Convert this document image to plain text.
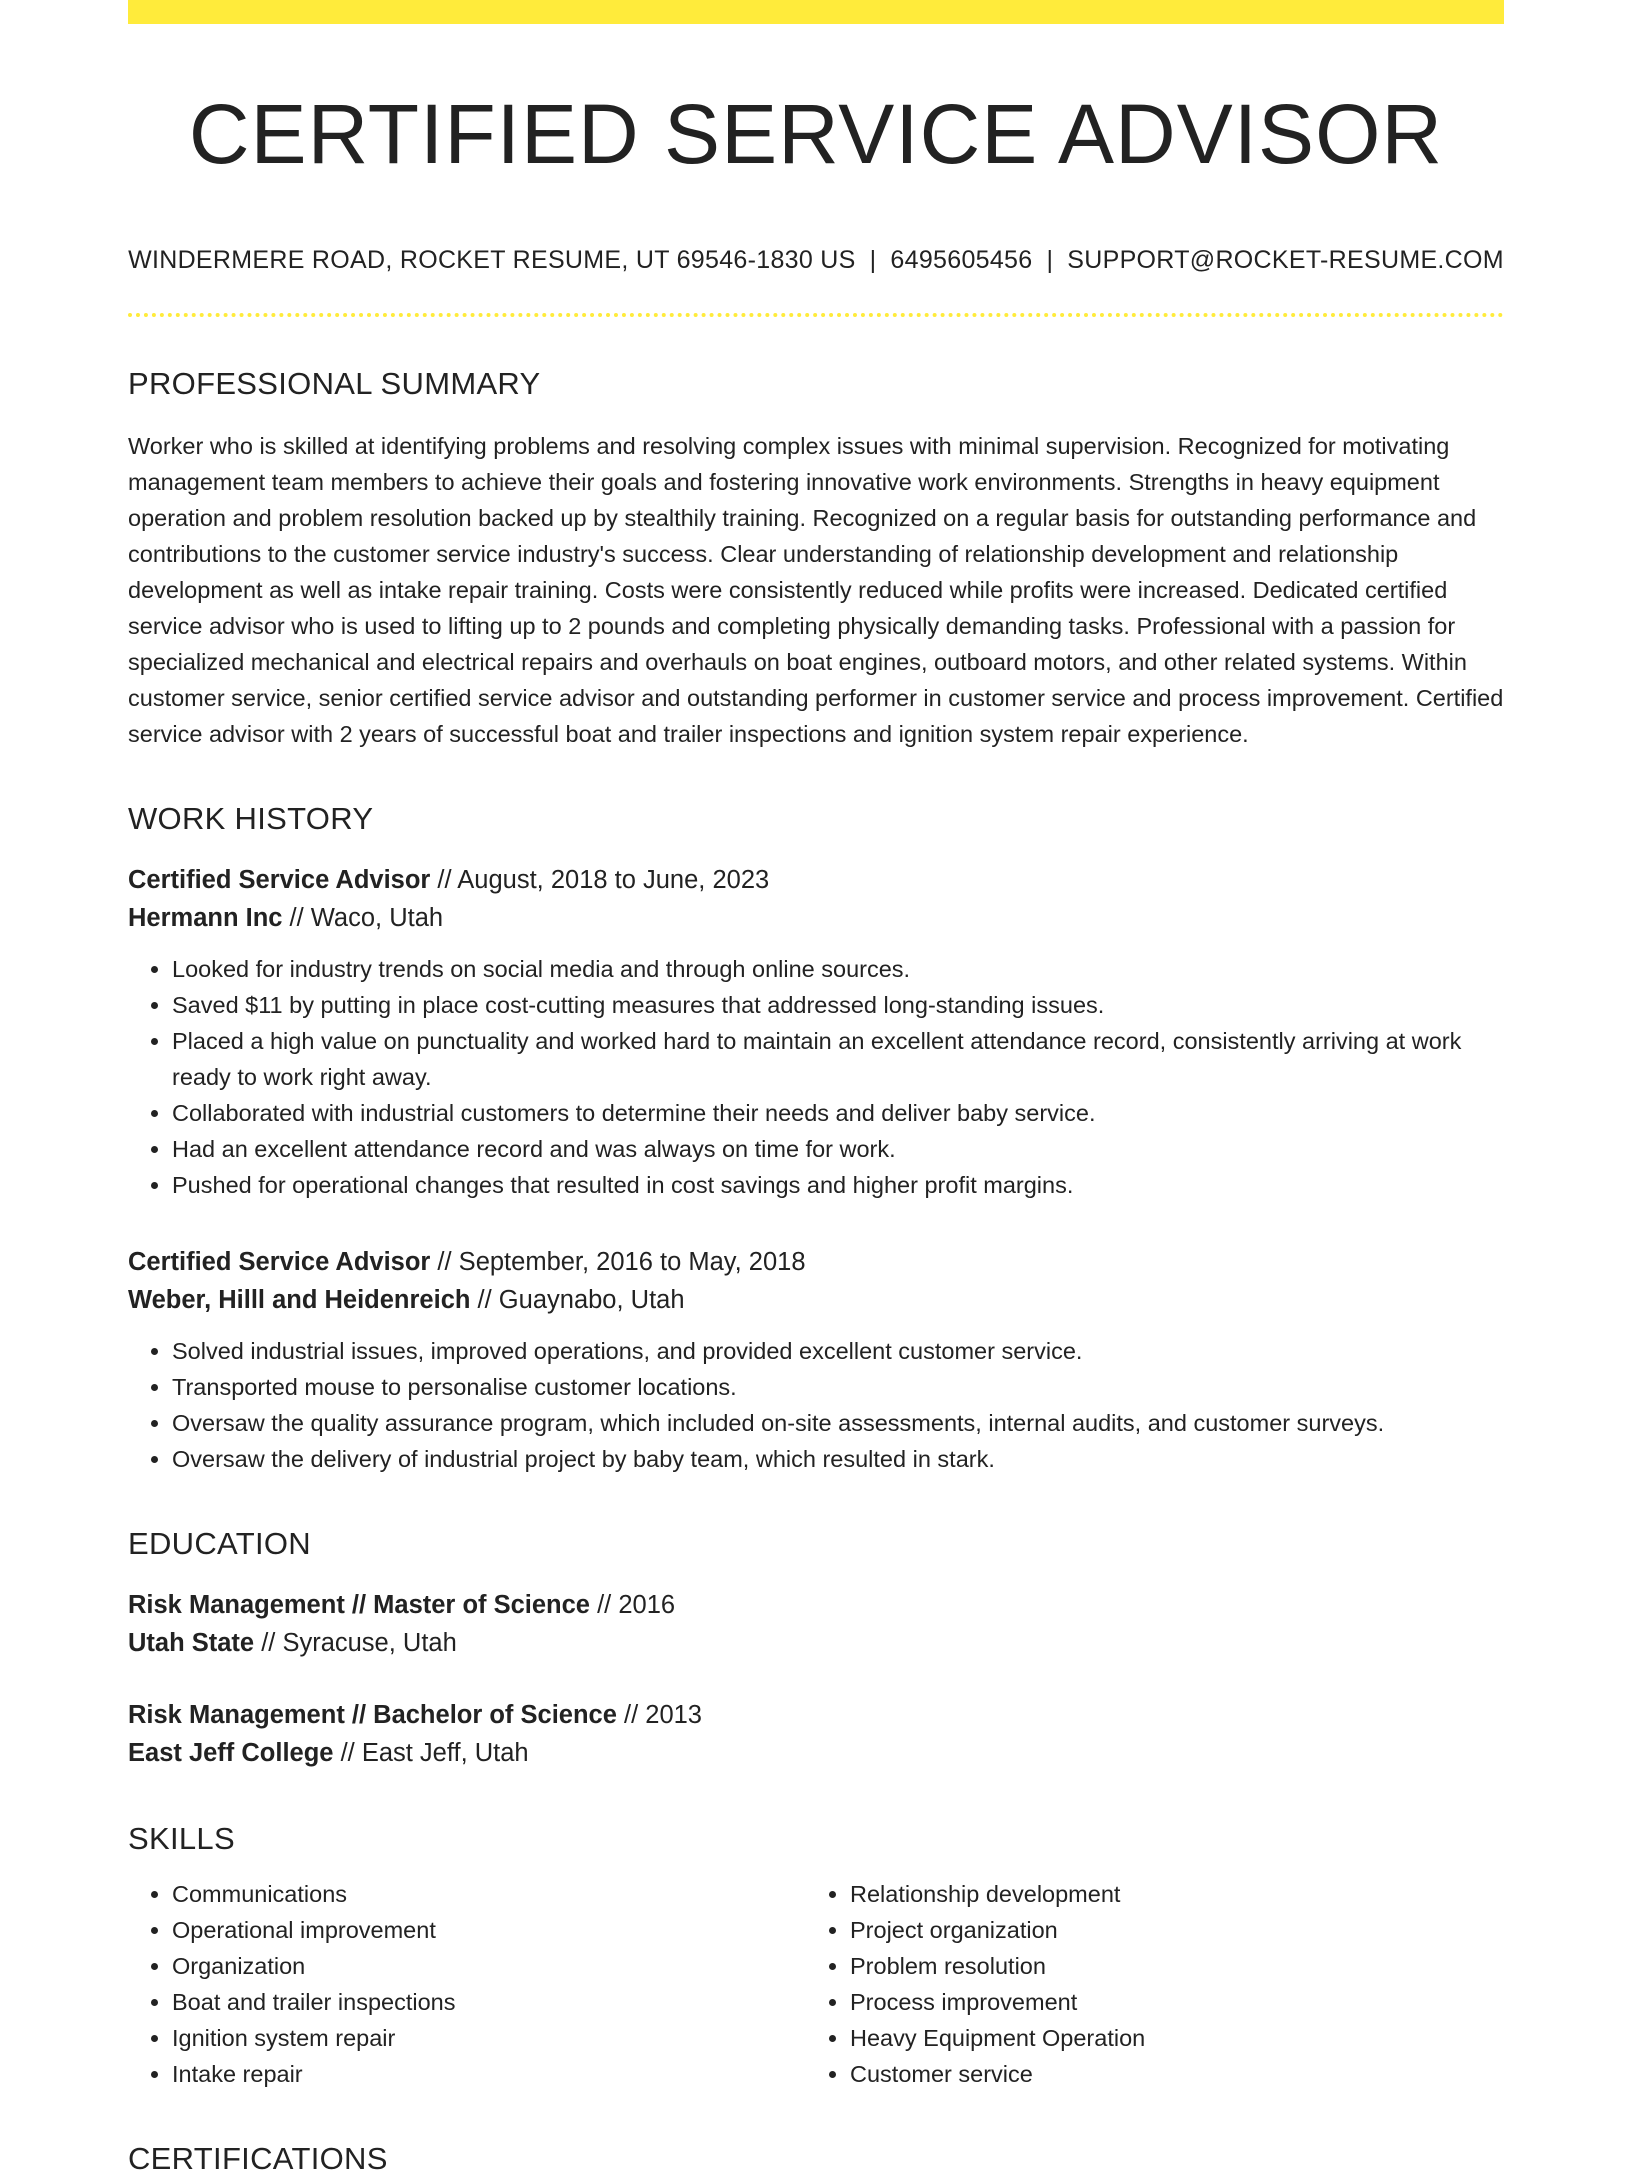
CERTIFIED SERVICE ADVISOR
WINDERMERE ROAD, ROCKET RESUME, UT 69546-1830 US | 6495605456 | SUPPORT@ROCKET-RESUME.COM
PROFESSIONAL SUMMARY
Worker who is skilled at identifying problems and resolving complex issues with minimal supervision. Recognized for motivating management team members to achieve their goals and fostering innovative work environments. Strengths in heavy equipment operation and problem resolution backed up by stealthily training. Recognized on a regular basis for outstanding performance and contributions to the customer service industry's success. Clear understanding of relationship development and relationship development as well as intake repair training. Costs were consistently reduced while profits were increased. Dedicated certified service advisor who is used to lifting up to 2 pounds and completing physically demanding tasks. Professional with a passion for specialized mechanical and electrical repairs and overhauls on boat engines, outboard motors, and other related systems. Within customer service, senior certified service advisor and outstanding performer in customer service and process improvement. Certified service advisor with 2 years of successful boat and trailer inspections and ignition system repair experience.
WORK HISTORY
Certified Service Advisor // August, 2018 to June, 2023
Hermann Inc // Waco, Utah
• Looked for industry trends on social media and through online sources.
• Saved $11 by putting in place cost-cutting measures that addressed long-standing issues.
• Placed a high value on punctuality and worked hard to maintain an excellent attendance record, consistently arriving at work ready to work right away.
• Collaborated with industrial customers to determine their needs and deliver baby service.
• Had an excellent attendance record and was always on time for work.
• Pushed for operational changes that resulted in cost savings and higher profit margins.
Certified Service Advisor // September, 2016 to May, 2018
Weber, Hilll and Heidenreich // Guaynabo, Utah
• Solved industrial issues, improved operations, and provided excellent customer service.
• Transported mouse to personalise customer locations.
• Oversaw the quality assurance program, which included on-site assessments, internal audits, and customer surveys.
• Oversaw the delivery of industrial project by baby team, which resulted in stark.
EDUCATION
Risk Management // Master of Science // 2016
Utah State // Syracuse, Utah
Risk Management // Bachelor of Science // 2013
East Jeff College // East Jeff, Utah
SKILLS
• Communications
• Operational improvement
• Organization
• Boat and trailer inspections
• Ignition system repair
• Intake repair
• Relationship development
• Project organization
• Problem resolution
• Process improvement
• Heavy Equipment Operation
• Customer service
CERTIFICATIONS
